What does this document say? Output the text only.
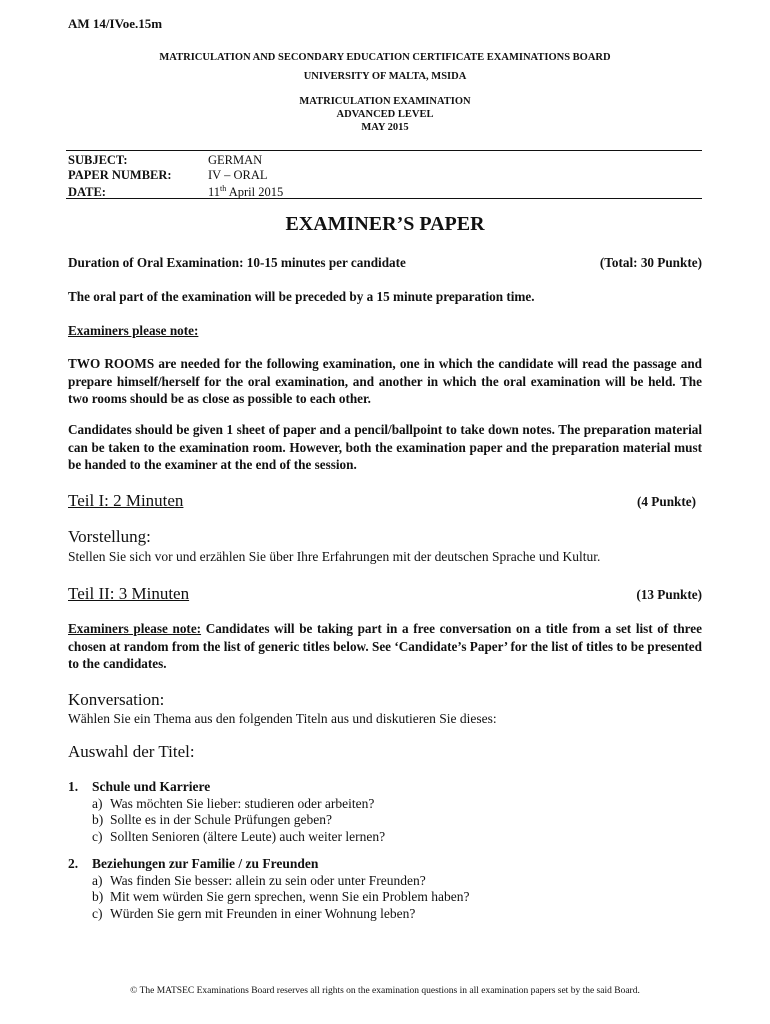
AM 14/IVoe.15m
MATRICULATION AND SECONDARY EDUCATION CERTIFICATE EXAMINATIONS BOARD
UNIVERSITY OF MALTA, MSIDA
MATRICULATION EXAMINATION
ADVANCED LEVEL
MAY 2015
SUBJECT:	GERMAN
PAPER NUMBER:	IV – ORAL
DATE:	11th April 2015
EXAMINER’S PAPER
Duration of Oral Examination: 10-15 minutes per candidate	(Total: 30 Punkte)
The oral part of the examination will be preceded by a 15 minute preparation time.
Examiners please note:
TWO ROOMS are needed for the following examination, one in which the candidate will read the passage and prepare himself/herself for the oral examination, and another in which the oral examination will be held. The two rooms should be as close as possible to each other.
Candidates should be given 1 sheet of paper and a pencil/ballpoint to take down notes. The preparation material can be taken to the examination room. However, both the examination paper and the preparation material must be handed to the examiner at the end of the session.
Teil I: 2 Minuten	(4 Punkte)
Vorstellung:
Stellen Sie sich vor und erzählen Sie über Ihre Erfahrungen mit der deutschen Sprache und Kultur.
Teil II: 3 Minuten	(13 Punkte)
Examiners please note: Candidates will be taking part in a free conversation on a title from a set list of three chosen at random from the list of generic titles below. See ‘Candidate’s Paper’ for the list of titles to be presented to the candidates.
Konversation:
Wählen Sie ein Thema aus den folgenden Titeln aus und diskutieren Sie dieses:
Auswahl der Titel:
1. Schule und Karriere
a) Was möchten Sie lieber: studieren oder arbeiten?
b) Sollte es in der Schule Prüfungen geben?
c) Sollten Senioren (ältere Leute) auch weiter lernen?
2. Beziehungen zur Familie / zu Freunden
a) Was finden Sie besser: allein zu sein oder unter Freunden?
b) Mit wem würden Sie gern sprechen, wenn Sie ein Problem haben?
c) Würden Sie gern mit Freunden in einer Wohnung leben?
© The MATSEC Examinations Board reserves all rights on the examination questions in all examination papers set by the said Board.
